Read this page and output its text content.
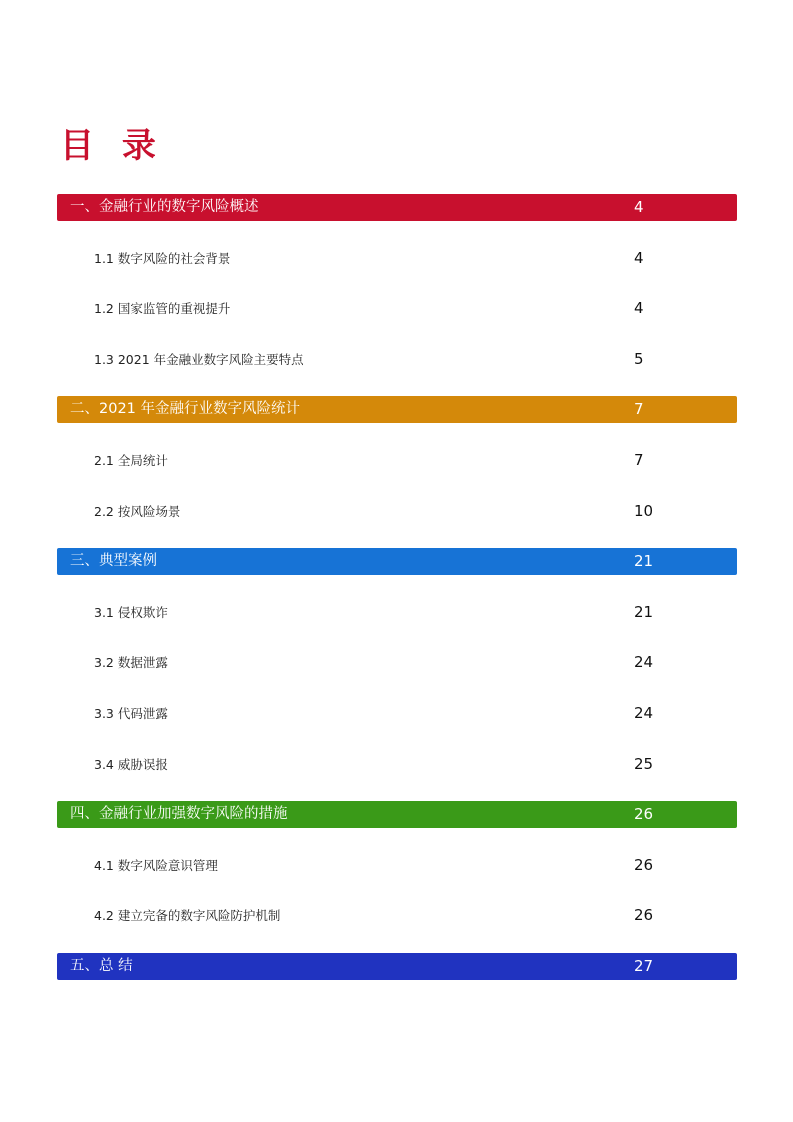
目 录
一、金融行业的数字风险概述	4
1.1 数字风险的社会背景	4
1.2 国家监管的重视提升	4
1.3 2021 年金融业数字风险主要特点	5
二、2021 年金融行业数字风险统计	7
2.1 全局统计	7
2.2 按风险场景	10
三、典型案例	21
3.1 侵权欺诈	21
3.2 数据泄露	24
3.3 代码泄露	24
3.4 威胁误报	25
四、金融行业加强数字风险的措施	26
4.1 数字风险意识管理	26
4.2 建立完备的数字风险防护机制	26
五、总 结	27
